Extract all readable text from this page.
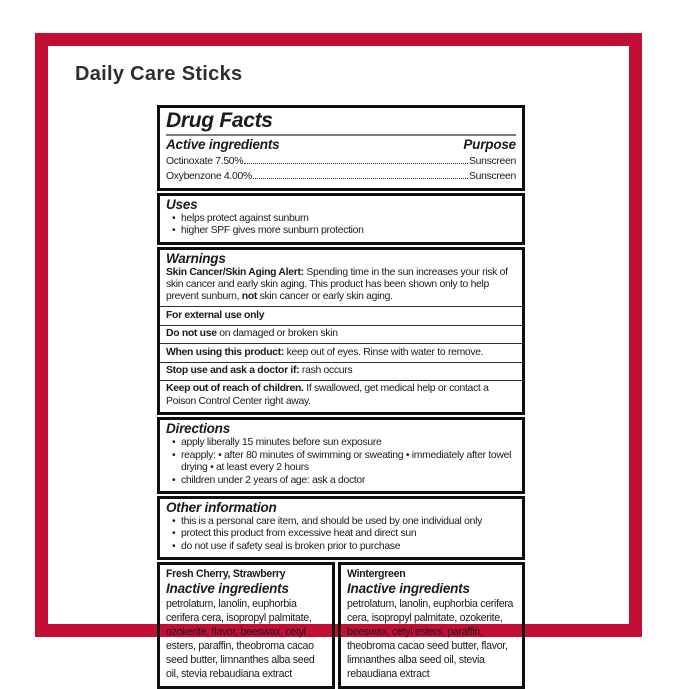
Daily Care Sticks
Drug Facts
Active ingredients	Purpose
Octinoxate 7.50%	Sunscreen
Oxybenzone 4.00%	Sunscreen
Uses
• helps protect against sunburn
• higher SPF gives more sunburn protection
Warnings

Skin Cancer/Skin Aging Alert: Spending time in the sun increases your risk of skin cancer and early skin aging. This product has been shown only to help prevent sunburn, not skin cancer or early skin aging.

For external use only

Do not use on damaged or broken skin

When using this product: keep out of eyes. Rinse with water to remove.

Stop use and ask a doctor if: rash occurs

Keep out of reach of children. If swallowed, get medical help or contact a Poison Control Center right away.

Directions
• apply liberally 15 minutes before sun exposure
• reapply: • after 80 minutes of swimming or sweating • immediately after towel drying • at least every 2 hours
• children under 2 years of age: ask a doctor
Other information
• this is a personal care item, and should be used by one individual only
• protect this product from excessive heat and direct sun
• do not use if safety seal is broken prior to purchase
Fresh Cherry, Strawberry
Inactive ingredients
petrolatum, lanolin, euphorbia cerifera cera, isopropyl palmitate, ozokerite, flavor, beeswax, cetyl esters, paraffin, theobroma cacao seed butter, limnanthes alba seed oil, stevia rebaudiana extract
Wintergreen
Inactive ingredients
petrolatum, lanolin, euphorbia cerifera cera, isopropyl palmitate, ozokerite, beeswax, cetyl esters, paraffin, theobroma cacao seed butter, flavor, limnanthes alba seed oil, stevia rebaudiana extract
